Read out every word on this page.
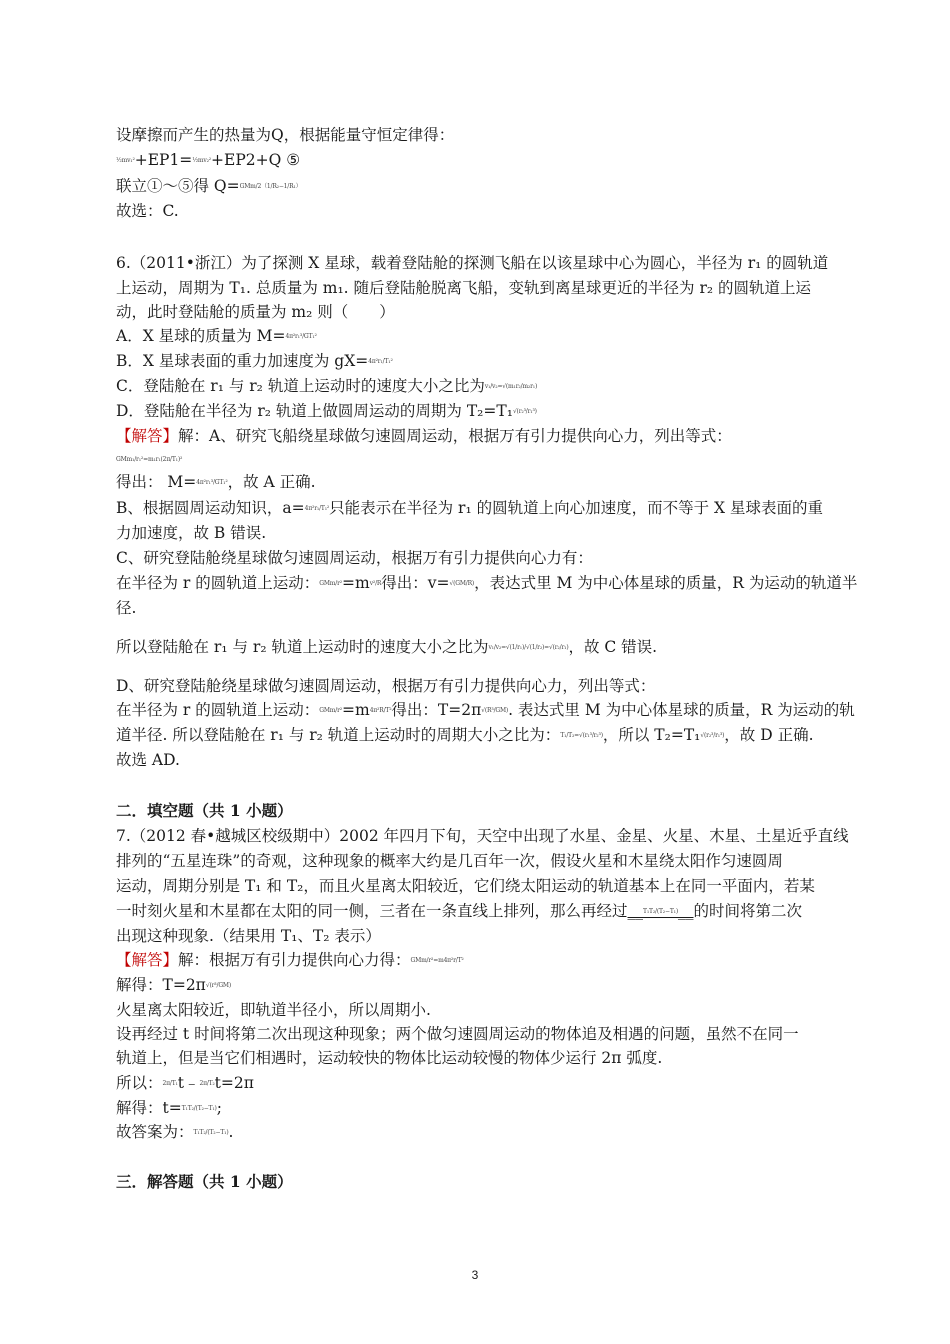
设摩擦而产生的热量为Q，根据能量守恒定律得：
½mv₁²+EP1=½mv₂²+EP2+Q ⑤
联立①～⑤得 Q=GMm/2（1/R₂−1/R₁）
故选：C.
6.（2011•浙江）为了探测 X 星球，载着登陆舱的探测飞船在以该星球中心为圆心，半径为 r₁ 的圆轨道
上运动，周期为 T₁. 总质量为 m₁. 随后登陆舱脱离飞船，变轨到离星球更近的半径为 r₂ 的圆轨道上运
动，此时登陆舱的质量为 m₂ 则（　　）
A．X 星球的质量为 M=4π²r₁³/GT₁²
B．X 星球表面的重力加速度为 gX=4π²r₁/T₁²
C．登陆舱在 r₁ 与 r₂ 轨道上运动时的速度大小之比为v₁/v₂=√(m₁r₂/m₂r₁)
D．登陆舱在半径为 r₂ 轨道上做圆周运动的周期为 T₂=T₁√(r₂³/r₁³)
【解答】解：A、研究飞船绕星球做匀速圆周运动，根据万有引力提供向心力，列出等式：
GMm₁/r₁²=m₁r₁(2π/T₁)²
得出： M=4π²r₁³/GT₁²，故 A 正确.
B、根据圆周运动知识，a=4π²r₁/T₁²只能表示在半径为 r₁ 的圆轨道上向心加速度，而不等于 X 星球表面的重
力加速度，故 B 错误.
C、研究登陆舱绕星球做匀速圆周运动，根据万有引力提供向心力有：
在半径为 r 的圆轨道上运动：GMm/r²=mv²/R得出：v=√(GM/R)，表达式里 M 为中心体星球的质量，R 为运动的轨道半
径.
所以登陆舱在 r₁ 与 r₂ 轨道上运动时的速度大小之比为v₁/v₂=√(1/r₁)/√(1/r₂)=√(r₂/r₁)，故 C 错误.
D、研究登陆舱绕星球做匀速圆周运动，根据万有引力提供向心力，列出等式：
在半径为 r 的圆轨道上运动：GMm/r²=m4π²R/T²得出：T=2π√(R³/GM). 表达式里 M 为中心体星球的质量，R 为运动的轨
道半径. 所以登陆舱在 r₁ 与 r₂ 轨道上运动时的周期大小之比为：T₁/T₂=√(r₁³/r₂³)，所以 T₂=T₁√(r₂³/r₁³)，故 D 正确.
故选 AD.
二．填空题（共 1 小题）
7.（2012 春•越城区校级期中）2002 年四月下旬，天空中出现了水星、金星、火星、木星、土星近乎直线
排列的“五星连珠”的奇观，这种现象的概率大约是几百年一次，假设火星和木星绕太阳作匀速圆周
运动，周期分别是 T₁ 和 T₂，而且火星离太阳较近，它们绕太阳运动的轨道基本上在同一平面内，若某
一时刻火星和木星都在太阳的同一侧，三者在一条直线上排列，那么再经过__T₁T₂/(T₂−T₁)__的时间将第二次
出现这种现象.（结果用 T₁、T₂ 表示）
【解答】解：根据万有引力提供向心力得：GMm/r²=m4π²r/T²
解得：T=2π√(r³/GM)
火星离太阳较近，即轨道半径小，所以周期小.
设再经过 t 时间将第二次出现这种现象；两个做匀速圆周运动的物体追及相遇的问题，虽然不在同一
轨道上，但是当它们相遇时，运动较快的物体比运动较慢的物体少运行 2π 弧度.
所以：2π/T₁t﹣2π/T₂t=2π
解得：t=T₁T₂/(T₂−T₁);
故答案为：T₁T₂/(T₂−T₁).
三．解答题（共 1 小题）
3
